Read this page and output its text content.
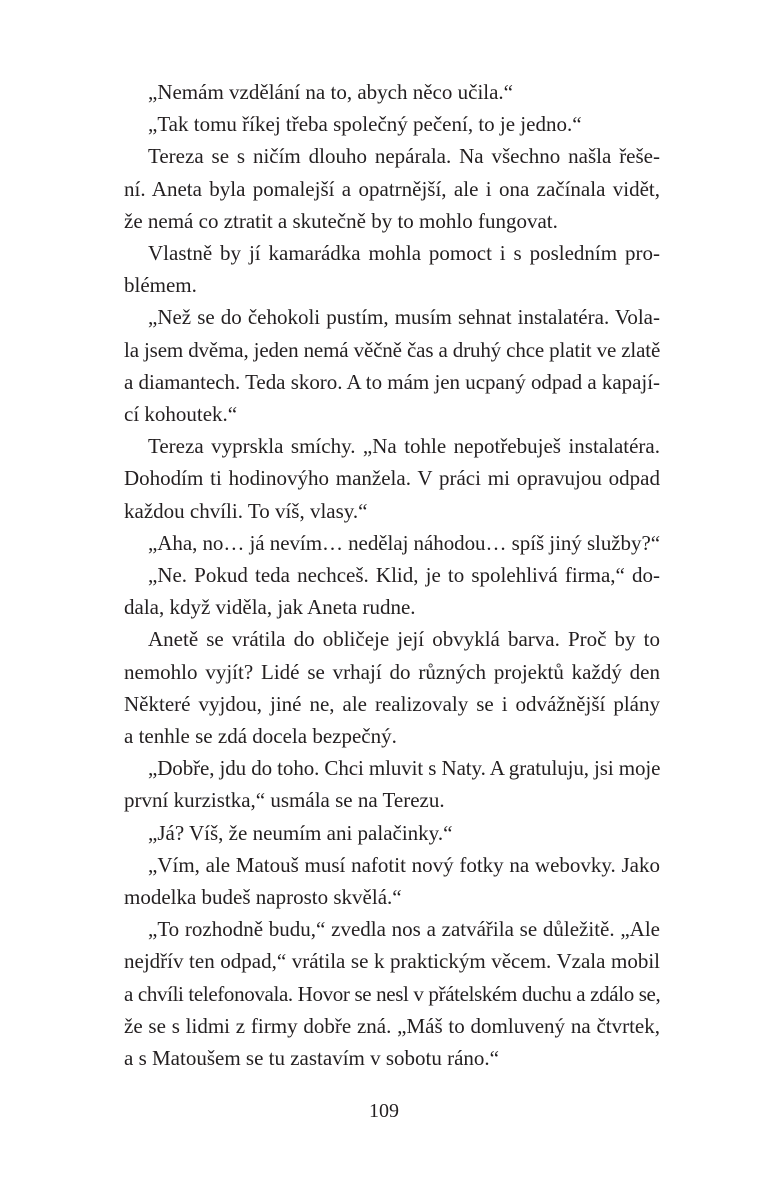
„Nemám vzdělání na to, abych něco učila.“

„Tak tomu říkej třeba společný pečení, to je jedno.“

Tereza se s ničím dlouho nepárala. Na všechno našla řeše-
ní. Aneta byla pomalejší a opatrnější, ale i ona začínala vidět,
že nemá co ztratit a skutečně by to mohlo fungovat.

Vlastně by jí kamarádka mohla pomoct i s posledním pro-
blémem.

„Než se do čehokoli pustím, musím sehnat instalatéra. Vola-
la jsem dvěma, jeden nemá věčně čas a druhý chce platit ve zlatě
a diamantech. Teda skoro. A to mám jen ucpaný odpad a kapají-
cí kohoutek.“

Tereza vyprskla smíchy. „Na tohle nepotřebuješ instalatéra.
Dohodím ti hodinovýho manžela. V práci mi opravujou odpad
každou chvíli. To víš, vlasy.“

„Aha, no… já nevím… nedělaj náhodou… spíš jiný služby?“

„Ne. Pokud teda nechceš. Klid, je to spolehlivá firma,“ do-
dala, když viděla, jak Aneta rudne.

Anetě se vrátila do obličeje její obvyklá barva. Proč by to
nemohlo vyjít? Lidé se vrhají do různých projektů každý den
Některé vyjdou, jiné ne, ale realizovaly se i odvážnější plány
a tenhle se zdá docela bezpečný.

„Dobře, jdu do toho. Chci mluvit s Naty. A gratuluju, jsi moje
první kurzistka,“ usmála se na Terezu.

„Já? Víš, že neumím ani palačinky.“

„Vím, ale Matouš musí nafotit nový fotky na webovky. Jako
modelka budeš naprosto skvělá.“

„To rozhodně budu,“ zvedla nos a zatvářila se důležitě. „Ale
nejdřív ten odpad,“ vrátila se k praktickým věcem. Vzala mobil
a chvíli telefonovala. Hovor se nesl v přátelském duchu a zdálo se,
že se s lidmi z firmy dobře zná. „Máš to domluvený na čtvrtek,
a s Matoušem se tu zastavím v sobotu ráno.“

109
